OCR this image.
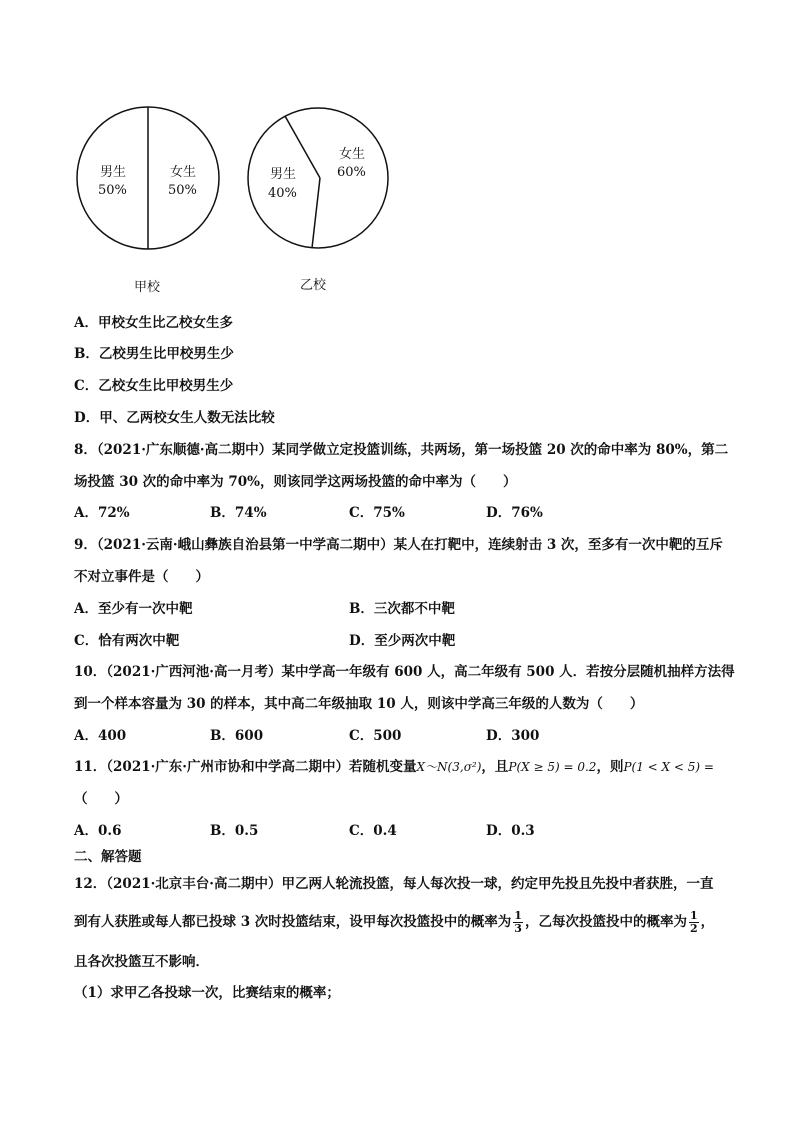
男生
50%
女生
50%
男生
40%
女生
60%
甲校	乙校
A．甲校女生比乙校女生多
B．乙校男生比甲校男生少
C．乙校女生比甲校男生少
D．甲、乙两校女生人数无法比较
8．（2021·广东顺德·高二期中）某同学做立定投篮训练，共两场，第一场投篮 20 次的命中率为 80%，第二
场投篮 30 次的命中率为 70%，则该同学这两场投篮的命中率为（　　）
A．72%	B．74%	C．75%	D．76%
9．（2021·云南·峨山彝族自治县第一中学高二期中）某人在打靶中，连续射击 3 次，至多有一次中靶的互斥
不对立事件是（　　）
A．至少有一次中靶	B．三次都不中靶
C．恰有两次中靶	D．至少两次中靶
10．（2021·广西河池·高一月考）某中学高一年级有 600 人，高二年级有 500 人．若按分层随机抽样方法得
到一个样本容量为 30 的样本，其中高二年级抽取 10 人，则该中学高三年级的人数为（　　）
A．400	B．600	C．500	D．300
11．（2021·广东·广州市协和中学高二期中）若随机变量X～N(3,σ²)，且P(X ≥ 5) = 0.2，则P(1 < X < 5) =
（　　）
A．0.6	B．0.5	C．0.4	D．0.3
二、解答题
12．（2021·北京丰台·高二期中）甲乙两人轮流投篮，每人每次投一球，约定甲先投且先投中者获胜，一直
到有人获胜或每人都已投球 3 次时投篮结束，设甲每次投篮投中的概率为 $\frac{1}{3}$ ，乙每次投篮投中的概率为 $\frac{1}{2}$ ，
且各次投篮互不影响．
（1）求甲乙各投球一次，比赛结束的概率；
